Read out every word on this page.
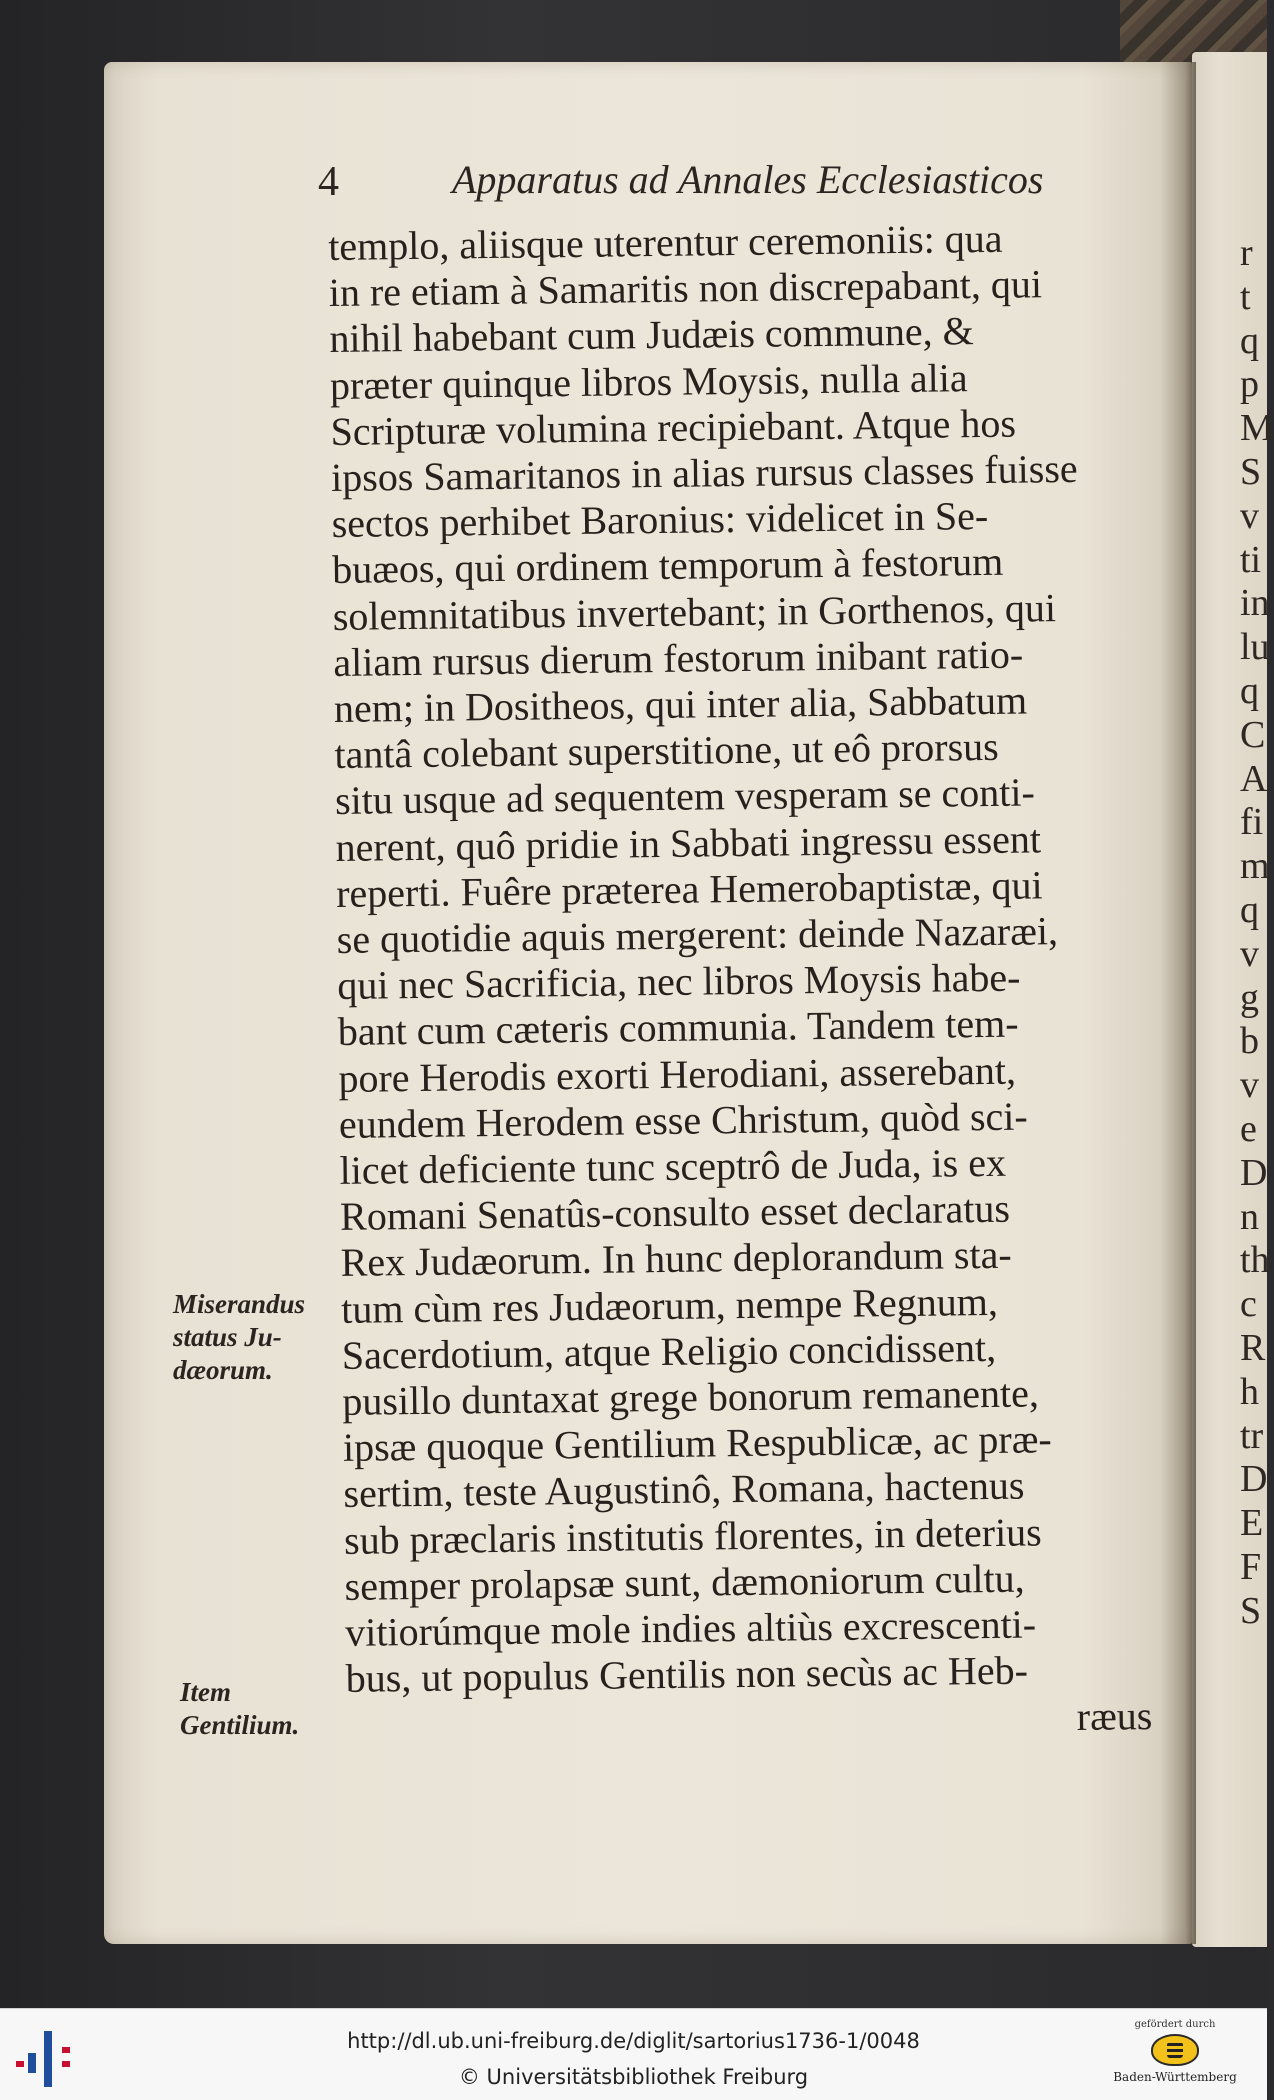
r
t
q
p
M
S
v
ti
in
lu
q
C
A
fi
m
q
v
g
b
v
e
D
n
th
c
R
h
tr
D
E
F
S
4	Apparatus ad Annales Ecclesiasticos
templo, aliisque uterentur ceremoniis: qua
in re etiam à Samaritis non discrepabant, qui
nihil habebant cum Judæis commune, &
præter quinque libros Moysis, nulla alia
Scripturæ volumina recipiebant. Atque hos
ipsos Samaritanos in alias rursus classes fuisse
sectos perhibet Baronius: videlicet in Se-
buæos, qui ordinem temporum à festorum
solemnitatibus invertebant; in Gorthenos, qui
aliam rursus dierum festorum inibant ratio-
nem; in Dositheos, qui inter alia, Sabbatum
tantâ colebant superstitione, ut eô prorsus
situ usque ad sequentem vesperam se conti-
nerent, quô pridie in Sabbati ingressu essent
reperti. Fuêre præterea Hemerobaptistæ, qui
se quotidie aquis mergerent: deinde Nazaræi,
qui nec Sacrificia, nec libros Moysis habe-
bant cum cæteris communia. Tandem tem-
pore Herodis exorti Herodiani, asserebant,
eundem Herodem esse Christum, quòd sci-
licet deficiente tunc sceptrô de Juda, is ex
Romani Senatûs-consulto esset declaratus
Rex Judæorum. In hunc deplorandum sta-
tum cùm res Judæorum, nempe Regnum,
Sacerdotium, atque Religio concidissent,
pusillo duntaxat grege bonorum remanente,
ipsæ quoque Gentilium Respublicæ, ac præ-
sertim, teste Augustinô, Romana, hactenus
sub præclaris institutis florentes, in deterius
semper prolapsæ sunt, dæmoniorum cultu,
vitiorúmque mole indies altiùs excrescenti-
bus, ut populus Gentilis non secùs ac Heb-
ræus
Miserandus
status Ju-
dæorum.
Item
Gentilium.
http://dl.ub.uni-freiburg.de/diglit/sartorius1736-1/0048
© Universitätsbibliothek Freiburg
gefördert durch
Baden-Württemberg
